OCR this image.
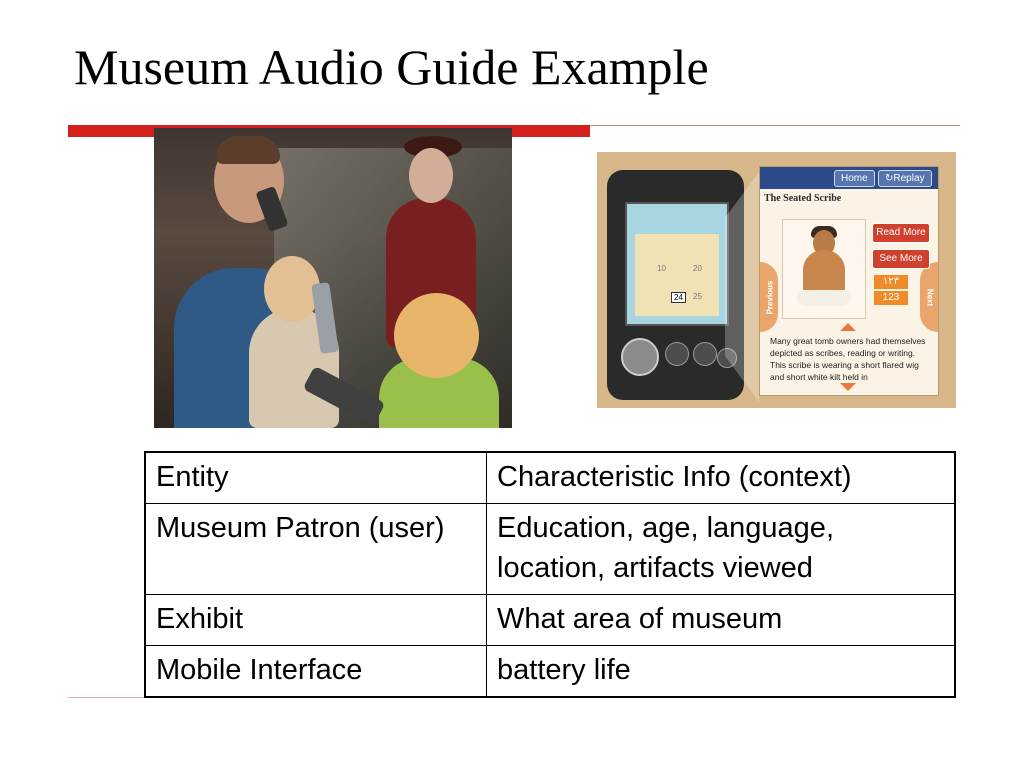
Museum Audio Guide Example
10	20
24	25
Home	↻Replay
The Seated Scribe
Previous	Next
Read More
See More
١٢٣
123
Many great tomb owners had themselves depicted as scribes, reading or writing. This scribe is wearing a short flared wig and short white kilt held in
Entity	Characteristic Info (context)
Museum Patron (user)	Education, age, language, location, artifacts viewed
Exhibit	What area of museum
Mobile Interface	battery life
